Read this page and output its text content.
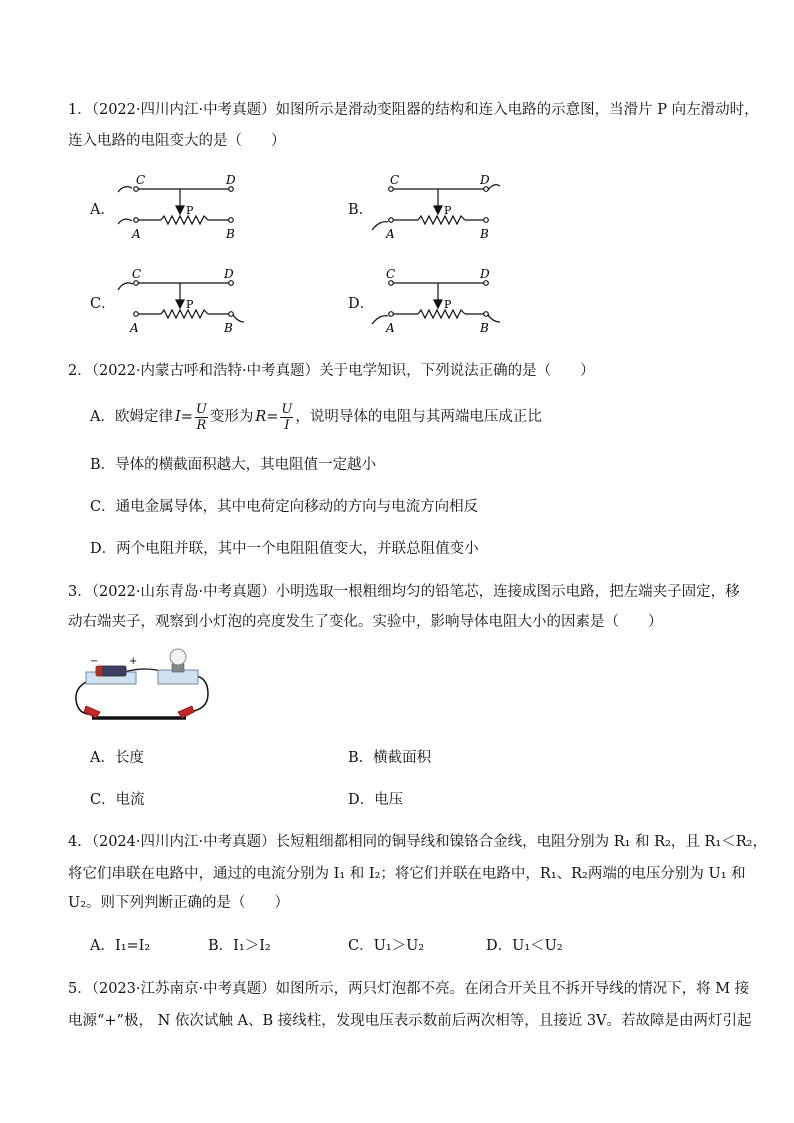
1．（2022·四川内江·中考真题）如图所示是滑动变阻器的结构和连入电路的示意图，当滑片 P 向左滑动时，
连入电路的电阻变大的是（　　）
A．	B．
C．	D．
C	D
A	B
P
C	D
A	B
P
C	D
A	B
P
C	D
A	B
P
2．（2022·内蒙古呼和浩特·中考真题）关于电学知识，下列说法正确的是（　　）
A．欧姆定律 $I= \frac{U}{R}$ 变形为 $R= \frac{U}{I}$ ，说明导体的电阻与其两端电压成正比
B．导体的横截面积越大，其电阻值一定越小
C．通电金属导体，其中电荷定向移动的方向与电流方向相反
D．两个电阻并联，其中一个电阻阻值变大，并联总阻值变小
3．（2022·山东青岛·中考真题）小明选取一根粗细均匀的铅笔芯，连接成图示电路，把左端夹子固定，移
动右端夹子，观察到小灯泡的亮度发生了变化。实验中，影响导体电阻大小的因素是（　　）
−	+
A．长度	B．横截面积
C．电流	D．电压
4．（2024·四川内江·中考真题）长短粗细都相同的铜导线和镍铬合金线，电阻分别为 R₁ 和 R₂，且 R₁＜R₂，
将它们串联在电路中，通过的电流分别为 I₁ 和 I₂；将它们并联在电路中，R₁、R₂两端的电压分别为 U₁ 和
U₂。则下列判断正确的是（　　）
A．I₁=I₂	B．I₁＞I₂	C．U₁＞U₂	D．U₁＜U₂
5．（2023·江苏南京·中考真题）如图所示，两只灯泡都不亮。在闭合开关且不拆开导线的情况下，将 M 接
电源“+”极， N 依次试触 A、B 接线柱，发现电压表示数前后两次相等，且接近 3V。若故障是由两灯引起
